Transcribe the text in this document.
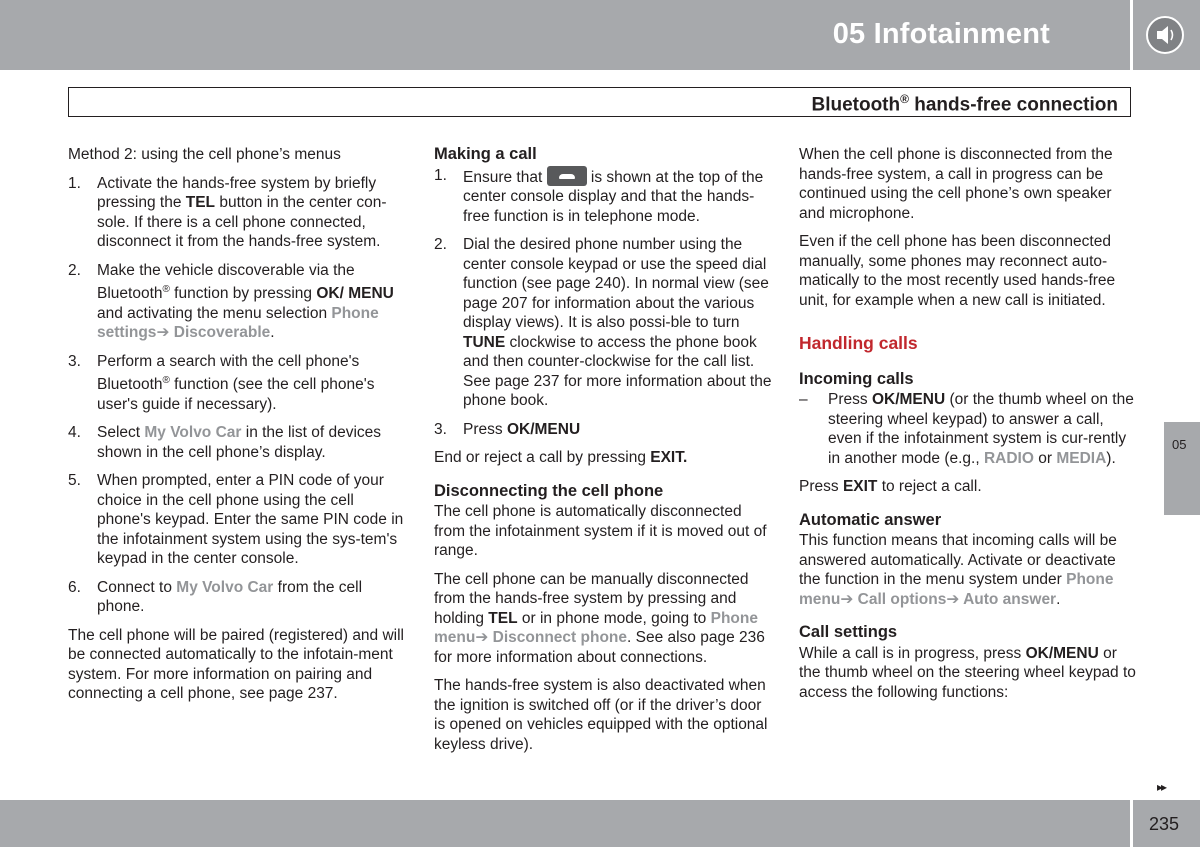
05 Infotainment
Bluetooth® hands-free connection

Method 2: using the cell phone’s menus

1. Activate the hands-free system by briefly pressing the TEL button in the center con-sole. If there is a cell phone connected, disconnect it from the hands-free system.
2. Make the vehicle discoverable via the Bluetooth® function by pressing OK/ MENU and activating the menu selection Phone settings➔ Discoverable.
3. Perform a search with the cell phone's Bluetooth® function (see the cell phone's user's guide if necessary).
4. Select My Volvo Car in the list of devices shown in the cell phone’s display.
5. When prompted, enter a PIN code of your choice in the cell phone using the cell phone's keypad. Enter the same PIN code in the infotainment system using the sys-tem's keypad in the center console.
6. Connect to My Volvo Car from the cell phone.

The cell phone will be paired (registered) and will be connected automatically to the infotain-ment system. For more information on pairing and connecting a cell phone, see page 237.

Making a call
1. Ensure that	is shown at the top of the center console display and that the hands-free function is in telephone mode.
2. Dial the desired phone number using the center console keypad or use the speed dial function (see page 240). In normal view (see page 207 for information about the various display views). It is also possi-ble to turn TUNE clockwise to access the phone book and then counter-clockwise for the call list. See page 237 for more information about the phone book.
3. Press OK/MENU

End or reject a call by pressing EXIT.

Disconnecting the cell phone

The cell phone is automatically disconnected from the infotainment system if it is moved out of range.

The cell phone can be manually disconnected from the hands-free system by pressing and holding TEL or in phone mode, going to Phone menu➔ Disconnect phone. See also page 236 for more information about connections.

The hands-free system is also deactivated when the ignition is switched off (or if the driver’s door is opened on vehicles equipped with the optional keyless drive).

When the cell phone is disconnected from the hands-free system, a call in progress can be continued using the cell phone’s own speaker and microphone.

Even if the cell phone has been disconnected manually, some phones may reconnect auto-matically to the most recently used hands-free unit, for example when a new call is initiated.

Handling calls
Incoming calls
– Press OK/MENU (or the thumb wheel on the steering wheel keypad) to answer a call, even if the infotainment system is cur-rently in another mode (e.g., RADIO or MEDIA).

Press EXIT to reject a call.

Automatic answer

This function means that incoming calls will be answered automatically. Activate or deactivate the function in the menu system under Phone menu➔ Call options➔ Auto answer.

Call settings

While a call is in progress, press OK/MENU or the thumb wheel on the steering wheel keypad to access the following functions:

05
▸▸
235
